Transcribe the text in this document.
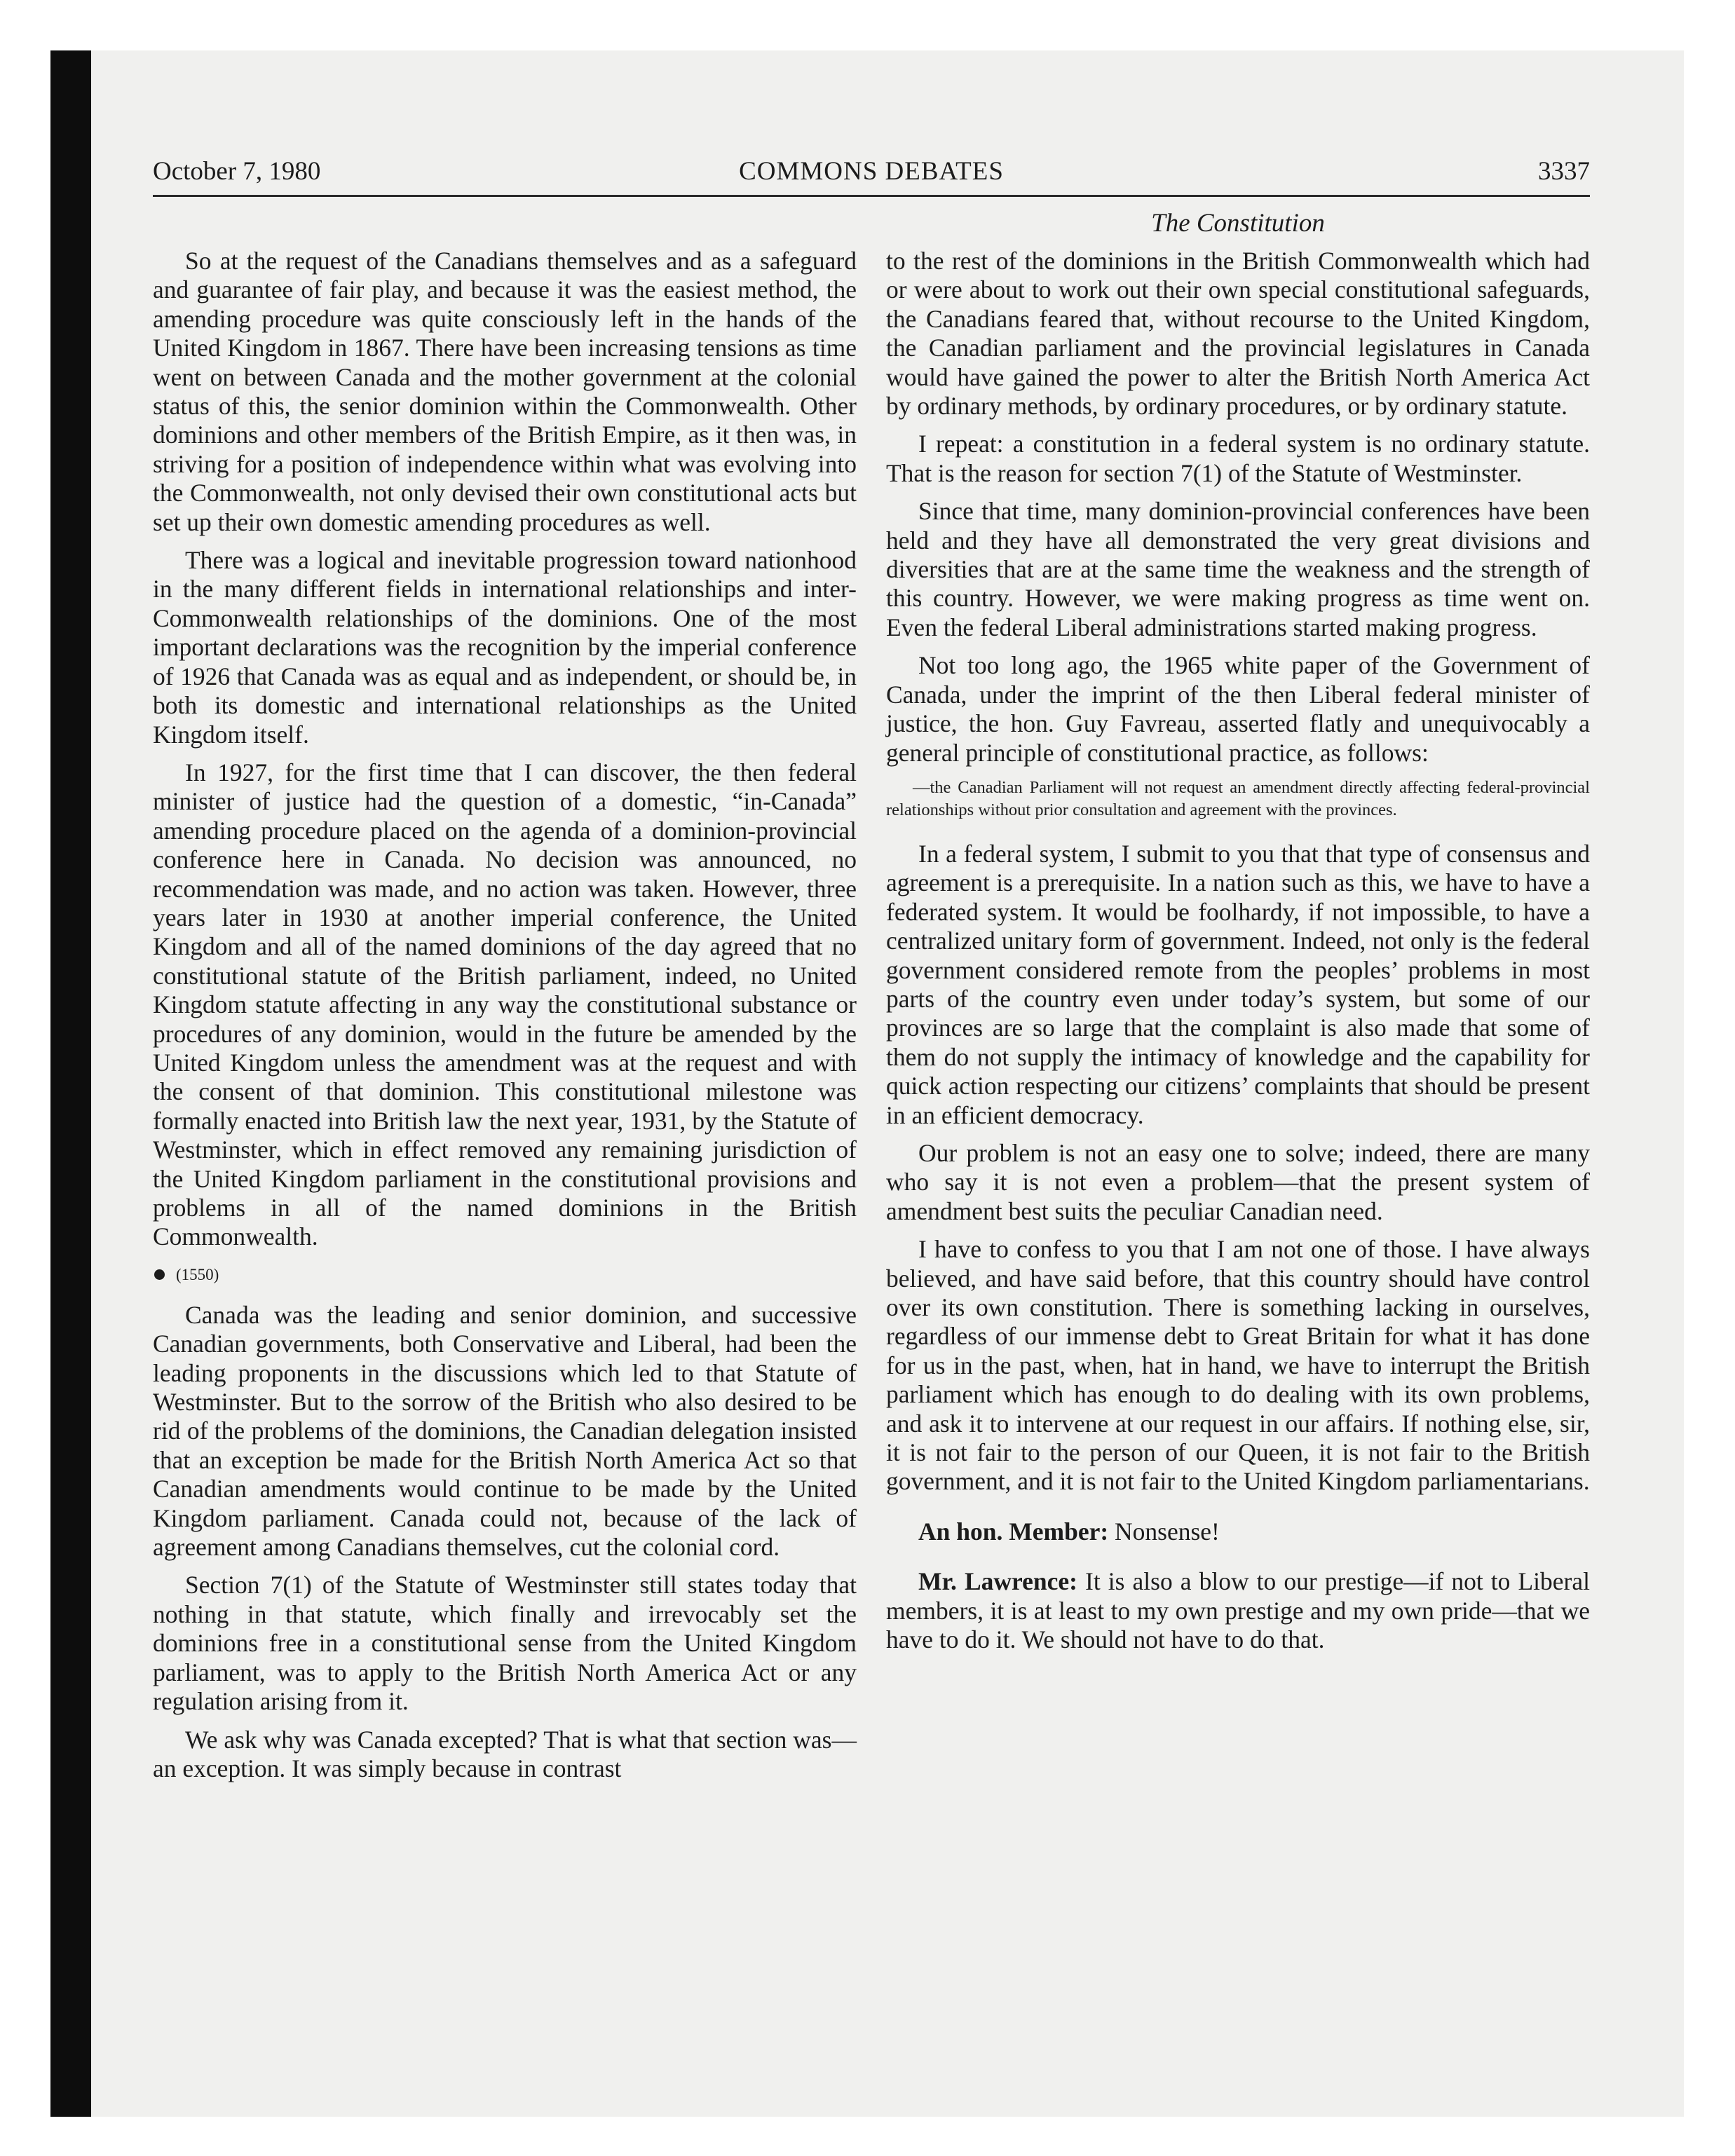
October 7, 1980	COMMONS DEBATES	3337
The Constitution

So at the request of the Canadians themselves and as a safeguard and guarantee of fair play, and because it was the easiest method, the amending procedure was quite consciously left in the hands of the United Kingdom in 1867. There have been increasing tensions as time went on between Canada and the mother government at the colonial status of this, the senior dominion within the Commonwealth. Other dominions and other members of the British Empire, as it then was, in striving for a position of independence within what was evolving into the Commonwealth, not only devised their own constitutional acts but set up their own domestic amending procedures as well.

There was a logical and inevitable progression toward nationhood in the many different fields in international relationships and inter-Commonwealth relationships of the dominions. One of the most important declarations was the recognition by the imperial conference of 1926 that Canada was as equal and as independent, or should be, in both its domestic and international relationships as the United Kingdom itself.

In 1927, for the first time that I can discover, the then federal minister of justice had the question of a domestic, “in-Canada” amending procedure placed on the agenda of a dominion-provincial conference here in Canada. No decision was announced, no recommendation was made, and no action was taken. However, three years later in 1930 at another imperial conference, the United Kingdom and all of the named dominions of the day agreed that no constitutional statute of the British parliament, indeed, no United Kingdom statute affecting in any way the constitutional substance or procedures of any dominion, would in the future be amended by the United Kingdom unless the amendment was at the request and with the consent of that dominion. This constitutional milestone was formally enacted into British law the next year, 1931, by the Statute of Westminster, which in effect removed any remaining jurisdiction of the United Kingdom parliament in the constitutional provisions and problems in all of the named dominions in the British Commonwealth.

(1550)

Canada was the leading and senior dominion, and successive Canadian governments, both Conservative and Liberal, had been the leading proponents in the discussions which led to that Statute of Westminster. But to the sorrow of the British who also desired to be rid of the problems of the dominions, the Canadian delegation insisted that an exception be made for the British North America Act so that Canadian amendments would continue to be made by the United Kingdom parliament. Canada could not, because of the lack of agreement among Canadians themselves, cut the colonial cord.

Section 7(1) of the Statute of Westminster still states today that nothing in that statute, which finally and irrevocably set the dominions free in a constitutional sense from the United Kingdom parliament, was to apply to the British North America Act or any regulation arising from it.

We ask why was Canada excepted? That is what that section was—an exception. It was simply because in contrast

to the rest of the dominions in the British Commonwealth which had or were about to work out their own special constitutional safeguards, the Canadians feared that, without recourse to the United Kingdom, the Canadian parliament and the provincial legislatures in Canada would have gained the power to alter the British North America Act by ordinary methods, by ordinary procedures, or by ordinary statute.

I repeat: a constitution in a federal system is no ordinary statute. That is the reason for section 7(1) of the Statute of Westminster.

Since that time, many dominion-provincial conferences have been held and they have all demonstrated the very great divisions and diversities that are at the same time the weakness and the strength of this country. However, we were making progress as time went on. Even the federal Liberal administrations started making progress.

Not too long ago, the 1965 white paper of the Government of Canada, under the imprint of the then Liberal federal minister of justice, the hon. Guy Favreau, asserted flatly and unequivocably a general principle of constitutional practice, as follows:

—the Canadian Parliament will not request an amendment directly affecting federal-provincial relationships without prior consultation and agreement with the provinces.

In a federal system, I submit to you that that type of consensus and agreement is a prerequisite. In a nation such as this, we have to have a federated system. It would be foolhardy, if not impossible, to have a centralized unitary form of government. Indeed, not only is the federal government considered remote from the peoples’ problems in most parts of the country even under today’s system, but some of our provinces are so large that the complaint is also made that some of them do not supply the intimacy of knowledge and the capability for quick action respecting our citizens’ complaints that should be present in an efficient democracy.

Our problem is not an easy one to solve; indeed, there are many who say it is not even a problem—that the present system of amendment best suits the peculiar Canadian need.

I have to confess to you that I am not one of those. I have always believed, and have said before, that this country should have control over its own constitution. There is something lacking in ourselves, regardless of our immense debt to Great Britain for what it has done for us in the past, when, hat in hand, we have to interrupt the British parliament which has enough to do dealing with its own problems, and ask it to intervene at our request in our affairs. If nothing else, sir, it is not fair to the person of our Queen, it is not fair to the British government, and it is not fair to the United Kingdom parliamentarians.

An hon. Member: Nonsense!

Mr. Lawrence: It is also a blow to our prestige—if not to Liberal members, it is at least to my own prestige and my own pride—that we have to do it. We should not have to do that.
